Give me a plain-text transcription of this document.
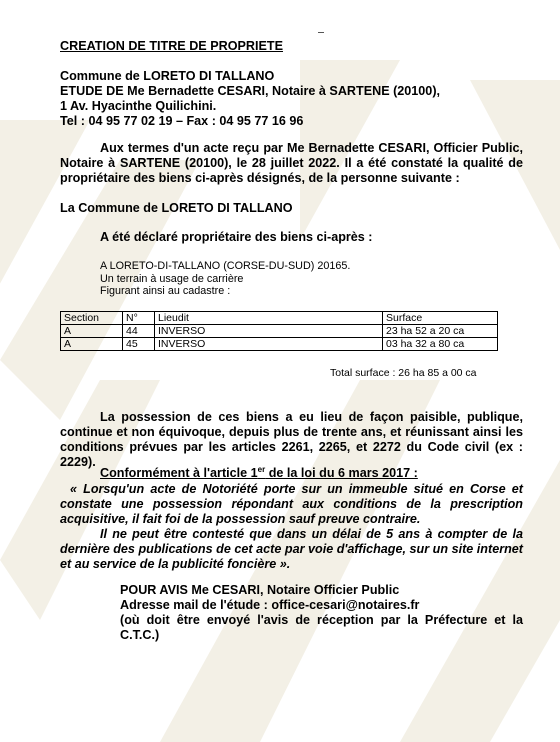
CREATION DE TITRE DE PROPRIETE
Commune de LORETO DI TALLANO
ETUDE DE Me Bernadette CESARI, Notaire à SARTENE (20100),
1 Av. Hyacinthe Quilichini.
Tel : 04 95 77 02 19 – Fax : 04 95 77 16 96
Aux termes d'un acte reçu par Me Bernadette CESARI, Officier Public, Notaire à SARTENE (20100), le 28 juillet 2022. Il a été constaté la qualité de propriétaire des biens ci-après désignés, de la personne suivante :
La Commune de LORETO DI TALLANO
A été déclaré propriétaire des biens ci-après :
A LORETO-DI-TALLANO (CORSE-DU-SUD) 20165.
Un terrain à usage de carrière
Figurant ainsi au cadastre :
Section	N°	Lieudit	Surface
A	44	INVERSO	23 ha 52 a 20 ca
A	45	INVERSO	03 ha 32 a 80 ca
Total surface : 26 ha 85 a 00 ca
La possession de ces biens a eu lieu de façon paisible, publique, continue et non équivoque, depuis plus de trente ans, et réunissant ainsi les conditions prévues par les articles 2261, 2265, et 2272 du Code civil (ex : 2229).
Conformément à l'article 1er de la loi du 6 mars 2017 :
« Lorsqu'un acte de Notoriété porte sur un immeuble situé en Corse et constate une possession répondant aux conditions de la prescription acquisitive, il fait foi de la possession sauf preuve contraire.
Il ne peut être contesté que dans un délai de 5 ans à compter de la dernière des publications de cet acte par voie d'affichage, sur un site internet et au service de la publicité foncière ».
POUR AVIS Me CESARI, Notaire Officier Public
Adresse mail de l'étude : office-cesari@notaires.fr
(où doit être envoyé l'avis de réception par la Préfecture et la C.T.C.)
